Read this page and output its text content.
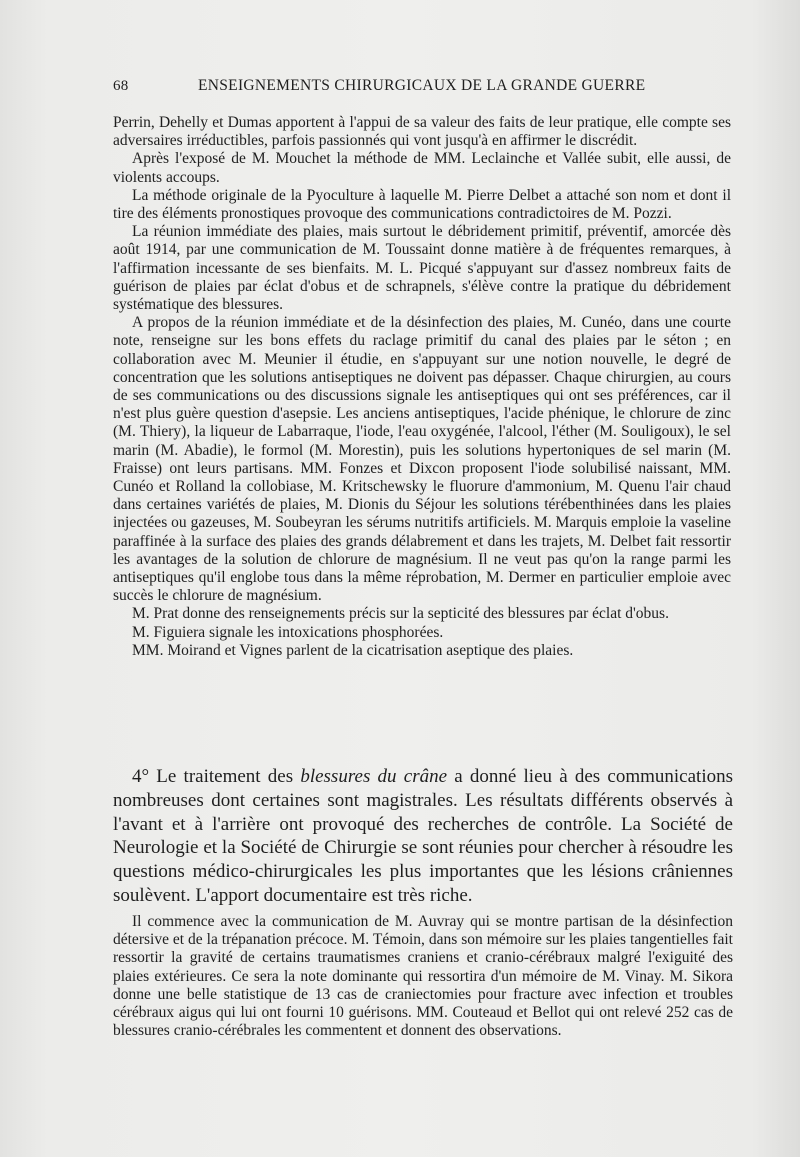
68	ENSEIGNEMENTS CHIRURGICAUX DE LA GRANDE GUERRE

Perrin, Dehelly et Dumas apportent à l'appui de sa valeur des faits de leur pratique, elle compte ses adversaires irréductibles, parfois passionnés qui vont jusqu'à en affirmer le discrédit.

Après l'exposé de M. Mouchet la méthode de MM. Leclainche et Vallée subit, elle aussi, de violents accoups.

La méthode originale de la Pyoculture à laquelle M. Pierre Delbet a attaché son nom et dont il tire des éléments pronostiques provoque des communications contradictoires de M. Pozzi.

La réunion immédiate des plaies, mais surtout le débridement primitif, préventif, amorcée dès août 1914, par une communication de M. Toussaint donne matière à de fréquentes remarques, à l'affirmation incessante de ses bienfaits. M. L. Picqué s'appuyant sur d'assez nombreux faits de guérison de plaies par éclat d'obus et de schrapnels, s'élève contre la pratique du débridement systématique des blessures.

A propos de la réunion immédiate et de la désinfection des plaies, M. Cunéo, dans une courte note, renseigne sur les bons effets du raclage primitif du canal des plaies par le séton ; en collaboration avec M. Meunier il étudie, en s'appuyant sur une notion nouvelle, le degré de concentration que les solutions antiseptiques ne doivent pas dépasser. Chaque chirurgien, au cours de ses communications ou des discussions signale les antiseptiques qui ont ses préférences, car il n'est plus guère question d'asepsie. Les anciens antiseptiques, l'acide phénique, le chlorure de zinc (M. Thiery), la liqueur de Labarraque, l'iode, l'eau oxygénée, l'alcool, l'éther (M. Souligoux), le sel marin (M. Abadie), le formol (M. Morestin), puis les solutions hypertoniques de sel marin (M. Fraisse) ont leurs partisans. MM. Fonzes et Dixcon proposent l'iode solubilisé naissant, MM. Cunéo et Rolland la collobiase, M. Kritschewsky le fluorure d'ammonium, M. Quenu l'air chaud dans certaines variétés de plaies, M. Dionis du Séjour les solutions térébenthinées dans les plaies injectées ou gazeuses, M. Soubeyran les sérums nutritifs artificiels. M. Marquis emploie la vaseline paraffinée à la surface des plaies des grands délabrement et dans les trajets, M. Delbet fait ressortir les avantages de la solution de chlorure de magnésium. Il ne veut pas qu'on la range parmi les antiseptiques qu'il englobe tous dans la même réprobation, M. Dermer en particulier emploie avec succès le chlorure de magnésium.

M. Prat donne des renseignements précis sur la septicité des blessures par éclat d'obus.

M. Figuiera signale les intoxications phosphorées.

MM. Moirand et Vignes parlent de la cicatrisation aseptique des plaies.

4° Le traitement des blessures du crâne a donné lieu à des communications nombreuses dont certaines sont magistrales. Les résultats différents observés à l'avant et à l'arrière ont provoqué des recherches de contrôle. La Société de Neurologie et la Société de Chirurgie se sont réunies pour chercher à résoudre les questions médico-chirurgicales les plus importantes que les lésions crâniennes soulèvent. L'apport documentaire est très riche.

Il commence avec la communication de M. Auvray qui se montre partisan de la désinfection détersive et de la trépanation précoce. M. Témoin, dans son mémoire sur les plaies tangentielles fait ressortir la gravité de certains traumatismes craniens et cranio-cérébraux malgré l'exiguité des plaies extérieures. Ce sera la note dominante qui ressortira d'un mémoire de M. Vinay. M. Sikora donne une belle statistique de 13 cas de craniectomies pour fracture avec infection et troubles cérébraux aigus qui lui ont fourni 10 guérisons. MM. Couteaud et Bellot qui ont relevé 252 cas de blessures cranio-cérébrales les commentent et donnent des observations.
